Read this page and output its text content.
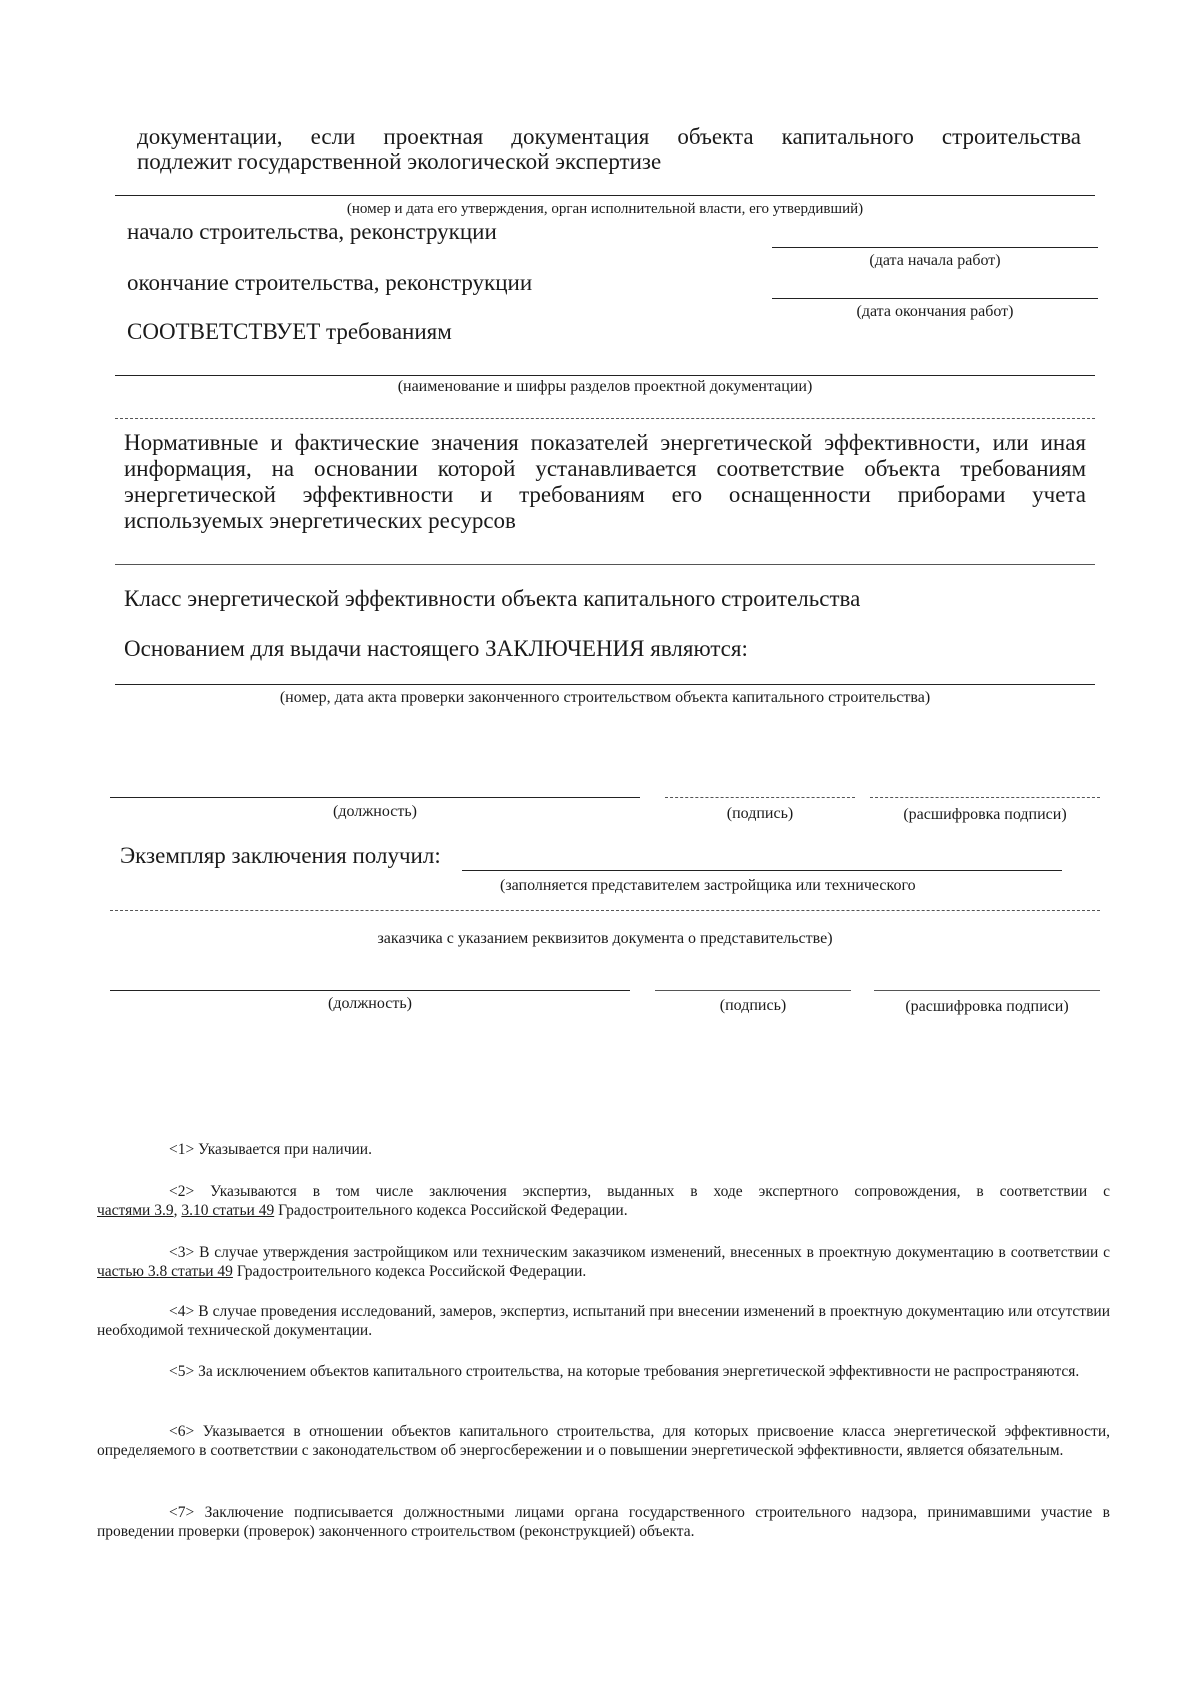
документации, если проектная документация объекта капитального строительства
подлежит государственной экологической экспертизе
(номер и дата его утверждения, орган исполнительной власти, его утвердивший)
начало строительства, реконструкции
(дата начала работ)
окончание строительства, реконструкции
(дата окончания работ)
СООТВЕТСТВУЕТ требованиям
(наименование и шифры разделов проектной документации)
Нормативные и фактические значения показателей энергетической эффективности, или иная
информация, на основании которой устанавливается соответствие объекта требованиям
энергетической эффективности и требованиям его оснащенности приборами учета
используемых энергетических ресурсов
Класс энергетической эффективности объекта капитального строительства
Основанием для выдачи настоящего ЗАКЛЮЧЕНИЯ являются:
(номер, дата акта проверки законченного строительством объекта капитального строительства)
(должность)	(подпись)	(расшифровка подписи)
Экземпляр заключения получил:
(заполняется представителем застройщика или технического
заказчика с указанием реквизитов документа о представительстве)
(должность)	(подпись)	(расшифровка подписи)
<1> Указывается при наличии.
<2> Указываются в том числе заключения экспертиз, выданных в ходе экспертного сопровождения, в соответствии с
частями 3.9, 3.10 статьи 49 Градостроительного кодекса Российской Федерации.
<3> В случае утверждения застройщиком или техническим заказчиком изменений, внесенных в проектную документацию в соответствии с частью 3.8 статьи 49 Градостроительного кодекса Российской Федерации.
<4> В случае проведения исследований, замеров, экспертиз, испытаний при внесении изменений в проектную документацию или отсутствии необходимой технической документации.
<5> За исключением объектов капитального строительства, на которые требования энергетической эффективности не распространяются.
<6> Указывается в отношении объектов капитального строительства, для которых присвоение класса энергетической эффективности, определяемого в соответствии с законодательством об энергосбережении и о повышении энергетической эффективности, является обязательным.
<7> Заключение подписывается должностными лицами органа государственного строительного надзора, принимавшими участие в проведении проверки (проверок) законченного строительством (реконструкцией) объекта.
